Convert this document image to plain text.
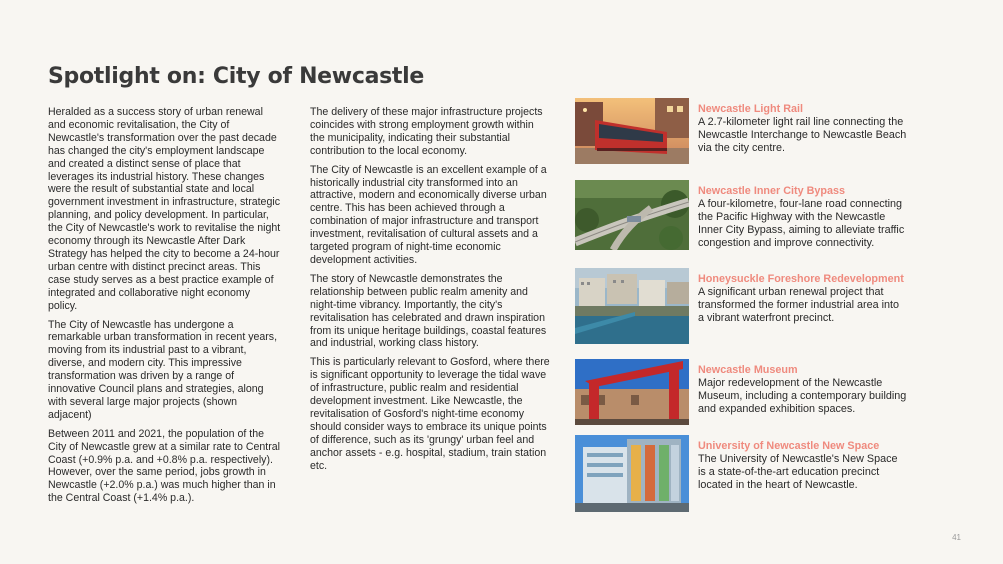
Spotlight on: City of Newcastle

Heralded as a success story of urban renewal and economic revitalisation, the City of Newcastle's transformation over the past decade has changed the city's employment landscape and created a distinct sense of place that leverages its industrial history. These changes were the result of substantial state and local government investment in infrastructure, strategic planning, and policy development. In particular, the City of Newcastle's work to revitalise the night economy through its Newcastle After Dark Strategy has helped the city to become a 24-hour urban centre with distinct precinct areas. This case study serves as a best practice example of integrated and collaborative night economy policy.

The City of Newcastle has undergone a remarkable urban transformation in recent years, moving from its industrial past to a vibrant, diverse, and modern city. This impressive transformation was driven by a range of innovative Council plans and strategies, along with several large major projects (shown adjacent)

Between 2011 and 2021, the population of the City of Newcastle grew at a similar rate to Central Coast (+0.9% p.a. and +0.8% p.a. respectively). However, over the same period, jobs growth in Newcastle (+2.0% p.a.) was much higher than in the Central Coast (+1.4% p.a.).

The delivery of these major infrastructure projects coincides with strong employment growth within the municipality, indicating their substantial contribution to the local economy.

The City of Newcastle is an excellent example of a historically industrial city transformed into an attractive, modern and economically diverse urban centre. This has been achieved through a combination of major infrastructure and transport investment, revitalisation of cultural assets and a targeted program of night-time economic development activities.

The story of Newcastle demonstrates the relationship between public realm amenity and night-time vibrancy. Importantly, the city's revitalisation has celebrated and drawn inspiration from its unique heritage buildings, coastal features and industrial, working class history.

This is particularly relevant to Gosford, where there is significant opportunity to leverage the tidal wave of infrastructure, public realm and residential development investment. Like Newcastle, the revitalisation of Gosford's night-time economy should consider ways to embrace its unique points of difference, such as its 'grungy' urban feel and anchor assets - e.g. hospital, stadium, train station etc.

Newcastle Light Rail

A 2.7-kilometer light rail line connecting the Newcastle Interchange to Newcastle Beach via the city centre.

Newcastle Inner City Bypass

A four-kilometre, four-lane road connecting the Pacific Highway with the Newcastle Inner City Bypass, aiming to alleviate traffic congestion and improve connectivity.

Honeysuckle Foreshore Redevelopment

A significant urban renewal project that transformed the former industrial area into a vibrant waterfront precinct.

Newcastle Museum

Major redevelopment of the Newcastle Museum, including a contemporary building and expanded exhibition spaces.

University of Newcastle New Space

The University of Newcastle's New Space is a state-of-the-art education precinct located in the heart of Newcastle.

41
